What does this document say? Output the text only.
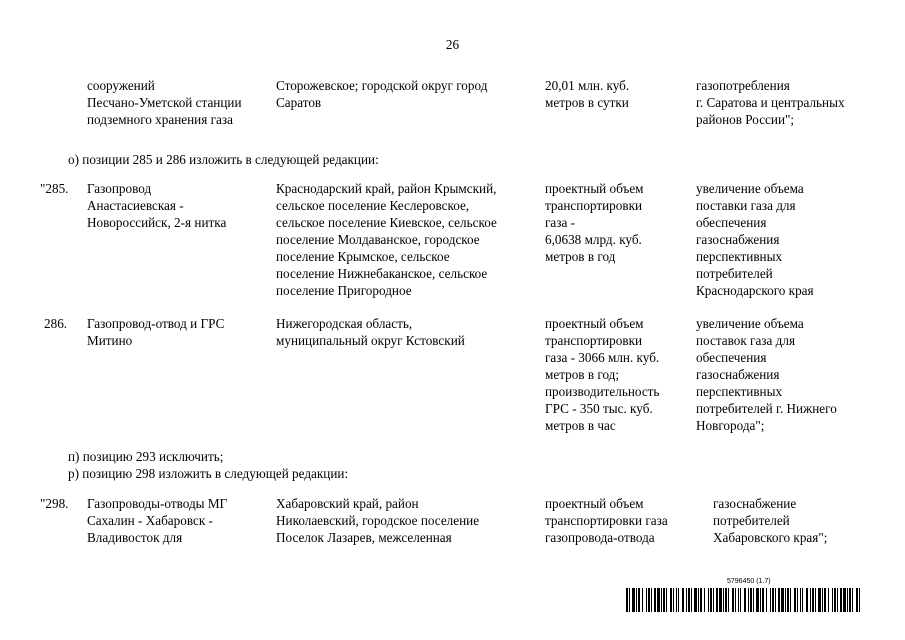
26
сооружений
Песчано-Уметской станции
подземного хранения газа
Сторожевское; городской округ город
Саратов
20,01 млн. куб.
метров в сутки
газопотребления
г. Саратова и центральных
районов России";
о) позиции 285 и 286 изложить в следующей редакции:
"285. Газопровод
Анастасиевская -
Новороссийск, 2-я нитка
Краснодарский край, район Крымский,
сельское поселение Кеслеровское,
сельское поселение Киевское, сельское
поселение Молдаванское, городское
поселение Крымское, сельское
поселение Нижнебаканское, сельское
поселение Пригородное
проектный объем
транспортировки
газа -
6,0638 млрд. куб.
метров в год
увеличение объема
поставки газа для
обеспечения
газоснабжения
перспективных
потребителей
Краснодарского края
286. Газопровод-отвод и ГРС
Митино
Нижегородская область,
муниципальный округ Кстовский
проектный объем
транспортировки
газа - 3066 млн. куб.
метров в год;
производительность
ГРС - 350 тыс. куб.
метров в час
увеличение объема
поставок газа для
обеспечения
газоснабжения
перспективных
потребителей г. Нижнего
Новгорода";
п) позицию 293 исключить;
р) позицию 298 изложить в следующей редакции:
"298. Газопроводы-отводы МГ
Сахалин - Хабаровск -
Владивосток для
Хабаровский край, район
Николаевский, городское поселение
Поселок Лазарев, межселенная
проектный объем
транспортировки газа
газопровода-отвода
газоснабжение
потребителей
Хабаровского края";
5796450 (1.7)
